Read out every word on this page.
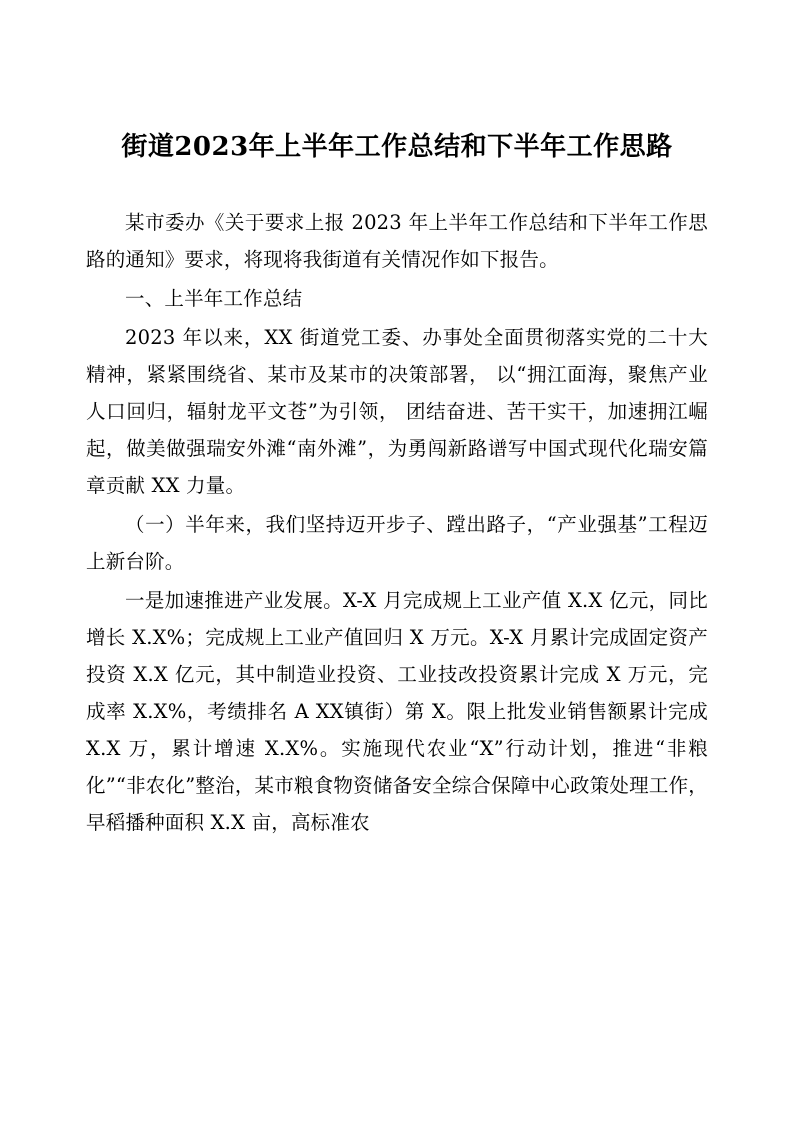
街道2023年上半年工作总结和下半年工作思路

某市委办《关于要求上报 2023 年上半年工作总结和下半年工作思路的通知》要求，将现将我街道有关情况作如下报告。

一、上半年工作总结

2023 年以来，XX 街道党工委、办事处全面贯彻落实党的二十大精神，紧紧围绕省、某市及某市的决策部署， 以“拥江面海，聚焦产业人口回归，辐射龙平文苍”为引领， 团结奋进、苦干实干，加速拥江崛起，做美做强瑞安外滩“南外滩”，为勇闯新路谱写中国式现代化瑞安篇章贡献 XX 力量。

（一）半年来，我们坚持迈开步子、蹚出路子，“产业强基”工程迈上新台阶。

一是加速推进产业发展。X-X 月完成规上工业产值 X.X 亿元，同比增长 X.X%；完成规上工业产值回归 X 万元。X-X 月累计完成固定资产投资 X.X 亿元，其中制造业投资、工业技改投资累计完成 X 万元，完成率 X.X%，考绩排名 A XX镇街）第 X。限上批发业销售额累计完成 X.X 万，累计增速 X.X%。实施现代农业“X”行动计划，推进“非粮化”“非农化”整治，某市粮食物资储备安全综合保障中心政策处理工作，早稻播种面积 X.X 亩，高标准农
